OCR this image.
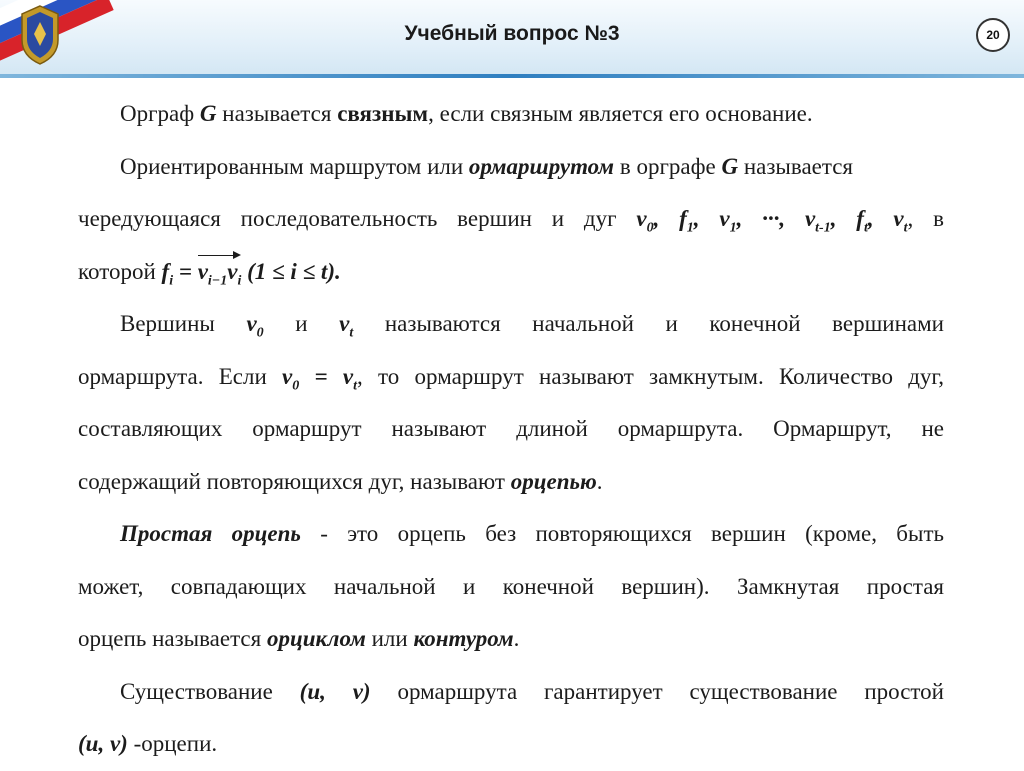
Учебный вопрос №3	20
Орграф G называется связным, если связным является его основание.
Ориентированным маршрутом или ормаршрутом в орграфе G называется
чередующаяся последовательность вершин и дуг $v_0$, $f_1$, $v_1$, ···, $v_{t-1}$, $f_t$, $v_t$, в
которой $f_i = v_{i-1}v_i$ (1 ≤ i ≤ t).
Вершины $v_0$ и $v_t$ называются начальной и конечной вершинами
ормаршрута. Если $v_0 = v_t$, то ормаршрут называют замкнутым. Количество дуг,
составляющих ормаршрут называют длиной ормаршрута. Ормаршрут, не
содержащий повторяющихся дуг, называют орцепью.
Простая орцепь - это орцепь без повторяющихся вершин (кроме, быть
может, совпадающих начальной и конечной вершин). Замкнутая простая
орцепь называется орциклом или контуром.
Существование (u, v) ормаршрута гарантирует существование простой
(u, v) -орцепи.
